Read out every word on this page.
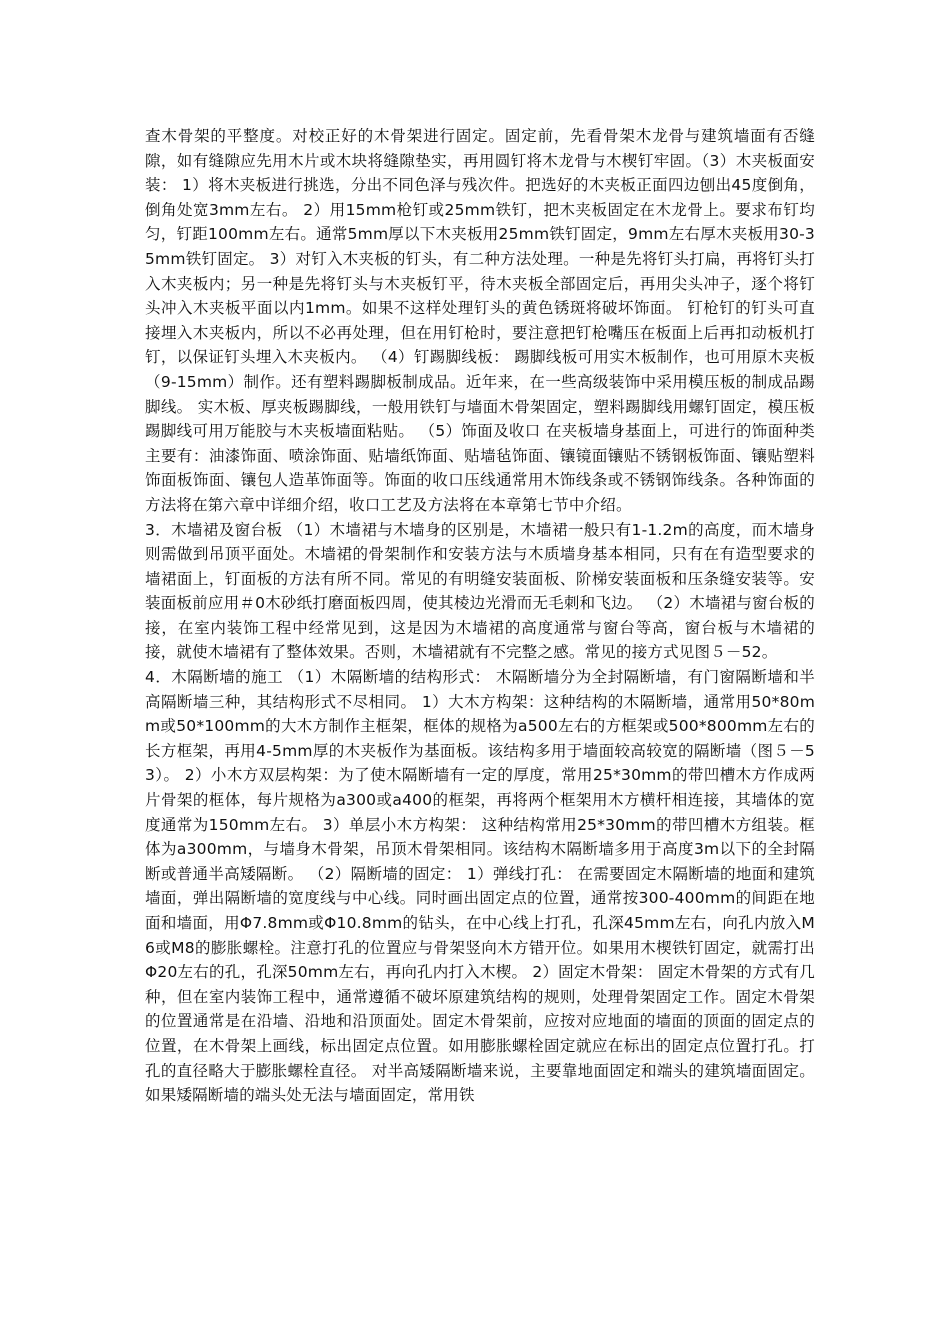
查木骨架的平整度。对校正好的木骨架进行固定。固定前，先看骨架木龙骨与建筑墙面有否缝隙，如有缝隙应先用木片或木块将缝隙垫实，再用圆钉将木龙骨与木楔钉牢固。（3）木夹板面安装： 1）将木夹板进行挑选，分出不同色泽与残次件。把选好的木夹板正面四边刨出45度倒角，倒角处宽3mm左右。 2）用15mm枪钉或25mm铁钉，把木夹板固定在木龙骨上。要求布钉均匀，钉距100mm左右。通常5mm厚以下木夹板用25mm铁钉固定，9mm左右厚木夹板用30-35mm铁钉固定。 3）对钉入木夹板的钉头，有二种方法处理。一种是先将钉头打扁，再将钉头打入木夹板内；另一种是先将钉头与木夹板钉平，待木夹板全部固定后，再用尖头冲子，逐个将钉头冲入木夹板平面以内1mm。如果不这样处理钉头的黄色锈斑将破坏饰面。 钉枪钉的钉头可直接埋入木夹板内，所以不必再处理，但在用钉枪时，要注意把钉枪嘴压在板面上后再扣动板机打钉，以保证钉头埋入木夹板内。 （4）钉踢脚线板： 踢脚线板可用实木板制作，也可用原木夹板（9-15mm）制作。还有塑料踢脚板制成品。近年来，在一些高级装饰中采用模压板的制成品踢脚线。 实木板、厚夹板踢脚线，一般用铁钉与墙面木骨架固定，塑料踢脚线用螺钉固定，模压板踢脚线可用万能胶与木夹板墙面粘贴。 （5）饰面及收口 在夹板墙身基面上，可进行的饰面种类主要有：油漆饰面、喷涂饰面、贴墙纸饰面、贴墙毡饰面、镶镜面镶贴不锈钢板饰面、镶贴塑料饰面板饰面、镶包人造革饰面等。饰面的收口压线通常用木饰线条或不锈钢饰线条。各种饰面的方法将在第六章中详细介绍，收口工艺及方法将在本章第七节中介绍。

3．木墙裙及窗台板 （1）木墙裙与木墙身的区别是，木墙裙一般只有1-1.2m的高度，而木墙身则需做到吊顶平面处。木墙裙的骨架制作和安装方法与木质墙身基本相同，只有在有造型要求的墙裙面上，钉面板的方法有所不同。常见的有明缝安装面板、阶梯安装面板和压条缝安装等。安装面板前应用＃0木砂纸打磨面板四周，使其棱边光滑而无毛刺和飞边。 （2）木墙裙与窗台板的接，在室内装饰工程中经常见到，这是因为木墙裙的高度通常与窗台等高，窗台板与木墙裙的接，就使木墙裙有了整体效果。否则，木墙裙就有不完整之感。常见的接方式见图５－52。

4．木隔断墙的施工 （1）木隔断墙的结构形式： 木隔断墙分为全封隔断墙，有门窗隔断墙和半高隔断墙三种，其结构形式不尽相同。 1）大木方构架：这种结构的木隔断墙，通常用50*80mm或50*100mm的大木方制作主框架，框体的规格为a500左右的方框架或500*800mm左右的长方框架，再用4-5mm厚的木夹板作为基面板。该结构多用于墙面较高较宽的隔断墙（图５－53）。 2）小木方双层构架：为了使木隔断墙有一定的厚度，常用25*30mm的带凹槽木方作成两片骨架的框体，每片规格为a300或a400的框架，再将两个框架用木方横杆相连接，其墙体的宽度通常为150mm左右。 3）单层小木方构架： 这种结构常用25*30mm的带凹槽木方组装。框体为a300mm，与墙身木骨架，吊顶木骨架相同。该结构木隔断墙多用于高度3m以下的全封隔断或普通半高矮隔断。 （2）隔断墙的固定： 1）弹线打孔： 在需要固定木隔断墙的地面和建筑墙面，弹出隔断墙的宽度线与中心线。同时画出固定点的位置，通常按300-400mm的间距在地面和墙面，用Φ7.8mm或Φ10.8mm的钻头，在中心线上打孔，孔深45mm左右，向孔内放入M6或M8的膨胀螺栓。注意打孔的位置应与骨架竖向木方错开位。如果用木楔铁钉固定，就需打出Φ20左右的孔，孔深50mm左右，再向孔内打入木楔。 2）固定木骨架： 固定木骨架的方式有几种，但在室内装饰工程中，通常遵循不破坏原建筑结构的规则，处理骨架固定工作。固定木骨架的位置通常是在沿墙、沿地和沿顶面处。固定木骨架前，应按对应地面的墙面的顶面的固定点的位置，在木骨架上画线，标出固定点位置。如用膨胀螺栓固定就应在标出的固定点位置打孔。打孔的直径略大于膨胀螺栓直径。 对半高矮隔断墙来说，主要靠地面固定和端头的建筑墙面固定。如果矮隔断墙的端头处无法与墙面固定，常用铁
